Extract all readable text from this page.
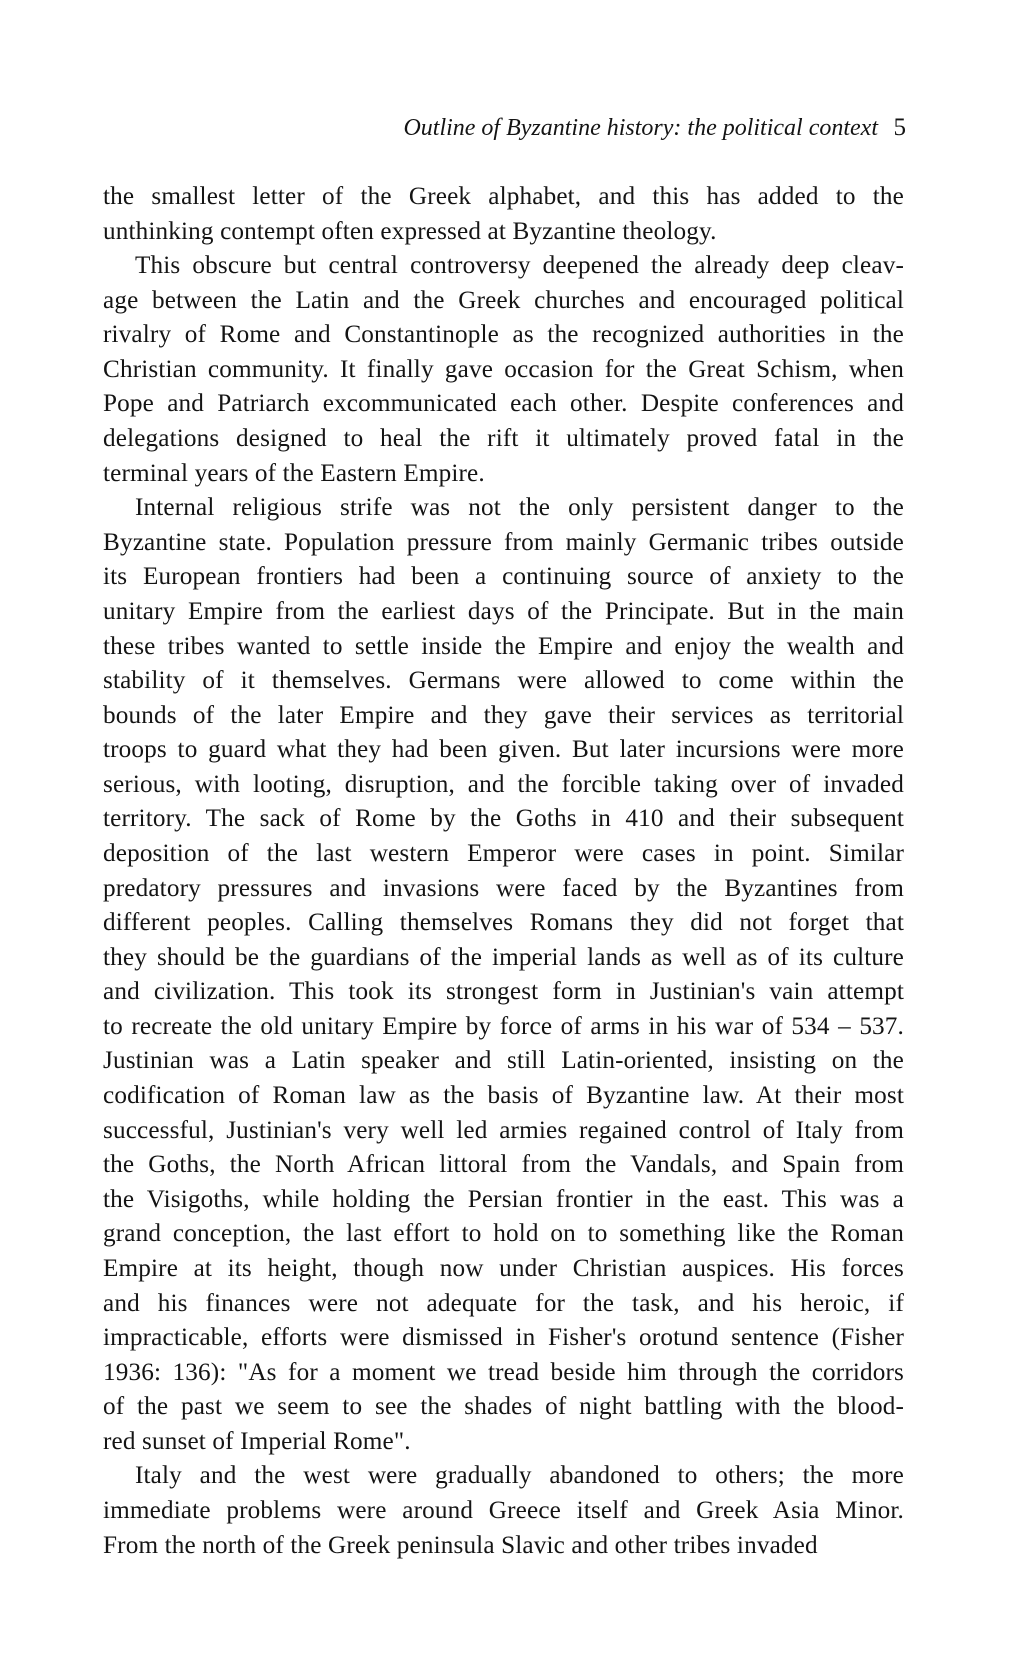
Outline of Byzantine history: the political context 5
the smallest letter of the Greek alphabet, and this has added to the
unthinking contempt often expressed at Byzantine theology.
This obscure but central controversy deepened the already deep cleav-
age between the Latin and the Greek churches and encouraged political
rivalry of Rome and Constantinople as the recognized authorities in the
Christian community. It finally gave occasion for the Great Schism, when
Pope and Patriarch excommunicated each other. Despite conferences and
delegations designed to heal the rift it ultimately proved fatal in the
terminal years of the Eastern Empire.
Internal religious strife was not the only persistent danger to the
Byzantine state. Population pressure from mainly Germanic tribes outside
its European frontiers had been a continuing source of anxiety to the
unitary Empire from the earliest days of the Principate. But in the main
these tribes wanted to settle inside the Empire and enjoy the wealth and
stability of it themselves. Germans were allowed to come within the
bounds of the later Empire and they gave their services as territorial
troops to guard what they had been given. But later incursions were more
serious, with looting, disruption, and the forcible taking over of invaded
territory. The sack of Rome by the Goths in 410 and their subsequent
deposition of the last western Emperor were cases in point. Similar
predatory pressures and invasions were faced by the Byzantines from
different peoples. Calling themselves Romans they did not forget that
they should be the guardians of the imperial lands as well as of its culture
and civilization. This took its strongest form in Justinian's vain attempt
to recreate the old unitary Empire by force of arms in his war of 534 – 537.
Justinian was a Latin speaker and still Latin-oriented, insisting on the
codification of Roman law as the basis of Byzantine law. At their most
successful, Justinian's very well led armies regained control of Italy from
the Goths, the North African littoral from the Vandals, and Spain from
the Visigoths, while holding the Persian frontier in the east. This was a
grand conception, the last effort to hold on to something like the Roman
Empire at its height, though now under Christian auspices. His forces
and his finances were not adequate for the task, and his heroic, if
impracticable, efforts were dismissed in Fisher's orotund sentence (Fisher
1936: 136): "As for a moment we tread beside him through the corridors
of the past we seem to see the shades of night battling with the blood-
red sunset of Imperial Rome".
Italy and the west were gradually abandoned to others; the more
immediate problems were around Greece itself and Greek Asia Minor.
From the north of the Greek peninsula Slavic and other tribes invaded
